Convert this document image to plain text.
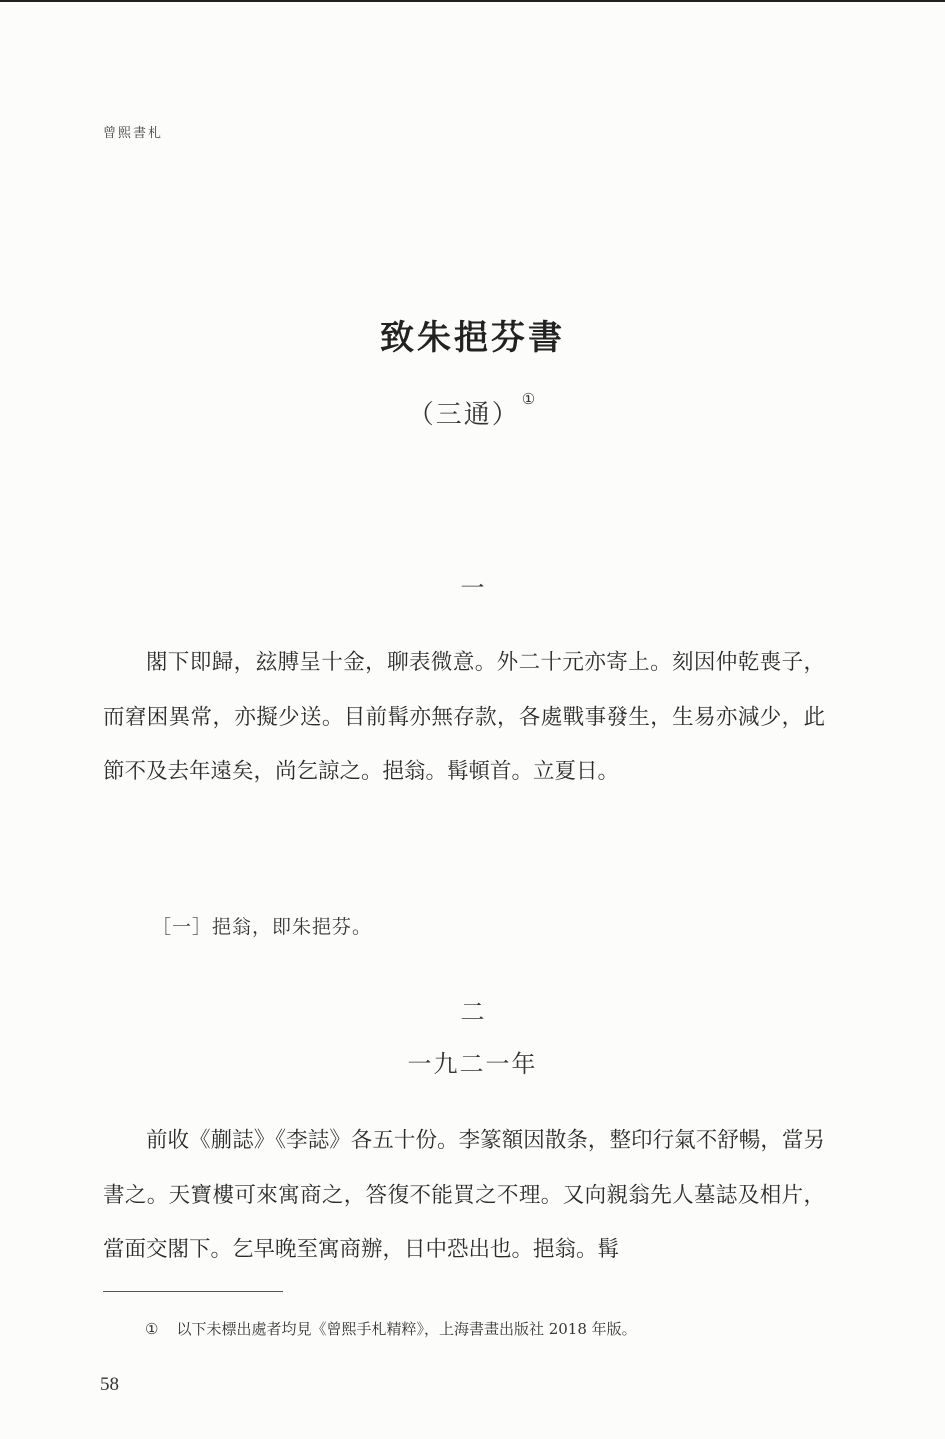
曾熙書札
致朱挹芬書
（三通）①
一

閣下即歸，玆膊呈十金，聊表微意。外二十元亦寄上。刻因仲乾喪子，而窘困異常，亦擬少送。目前髯亦無存款，各處戰事發生，生易亦減少，此節不及去年遠矣，尚乞諒之。挹翁。髯頓首。立夏日。

［一］挹翁，即朱挹芬。
二
一九二一年

前收《蒯誌》《李誌》各五十份。李篆額因散条，整印行氣不舒暢，當另書之。天寶樓可來寓商之，答復不能買之不理。又向親翁先人墓誌及相片，當面交閣下。乞早晚至寓商辦，日中恐出也。挹翁。髯

① 以下未標出處者均見《曾熙手札精粹》，上海書畫出版社 2018 年版。
58
